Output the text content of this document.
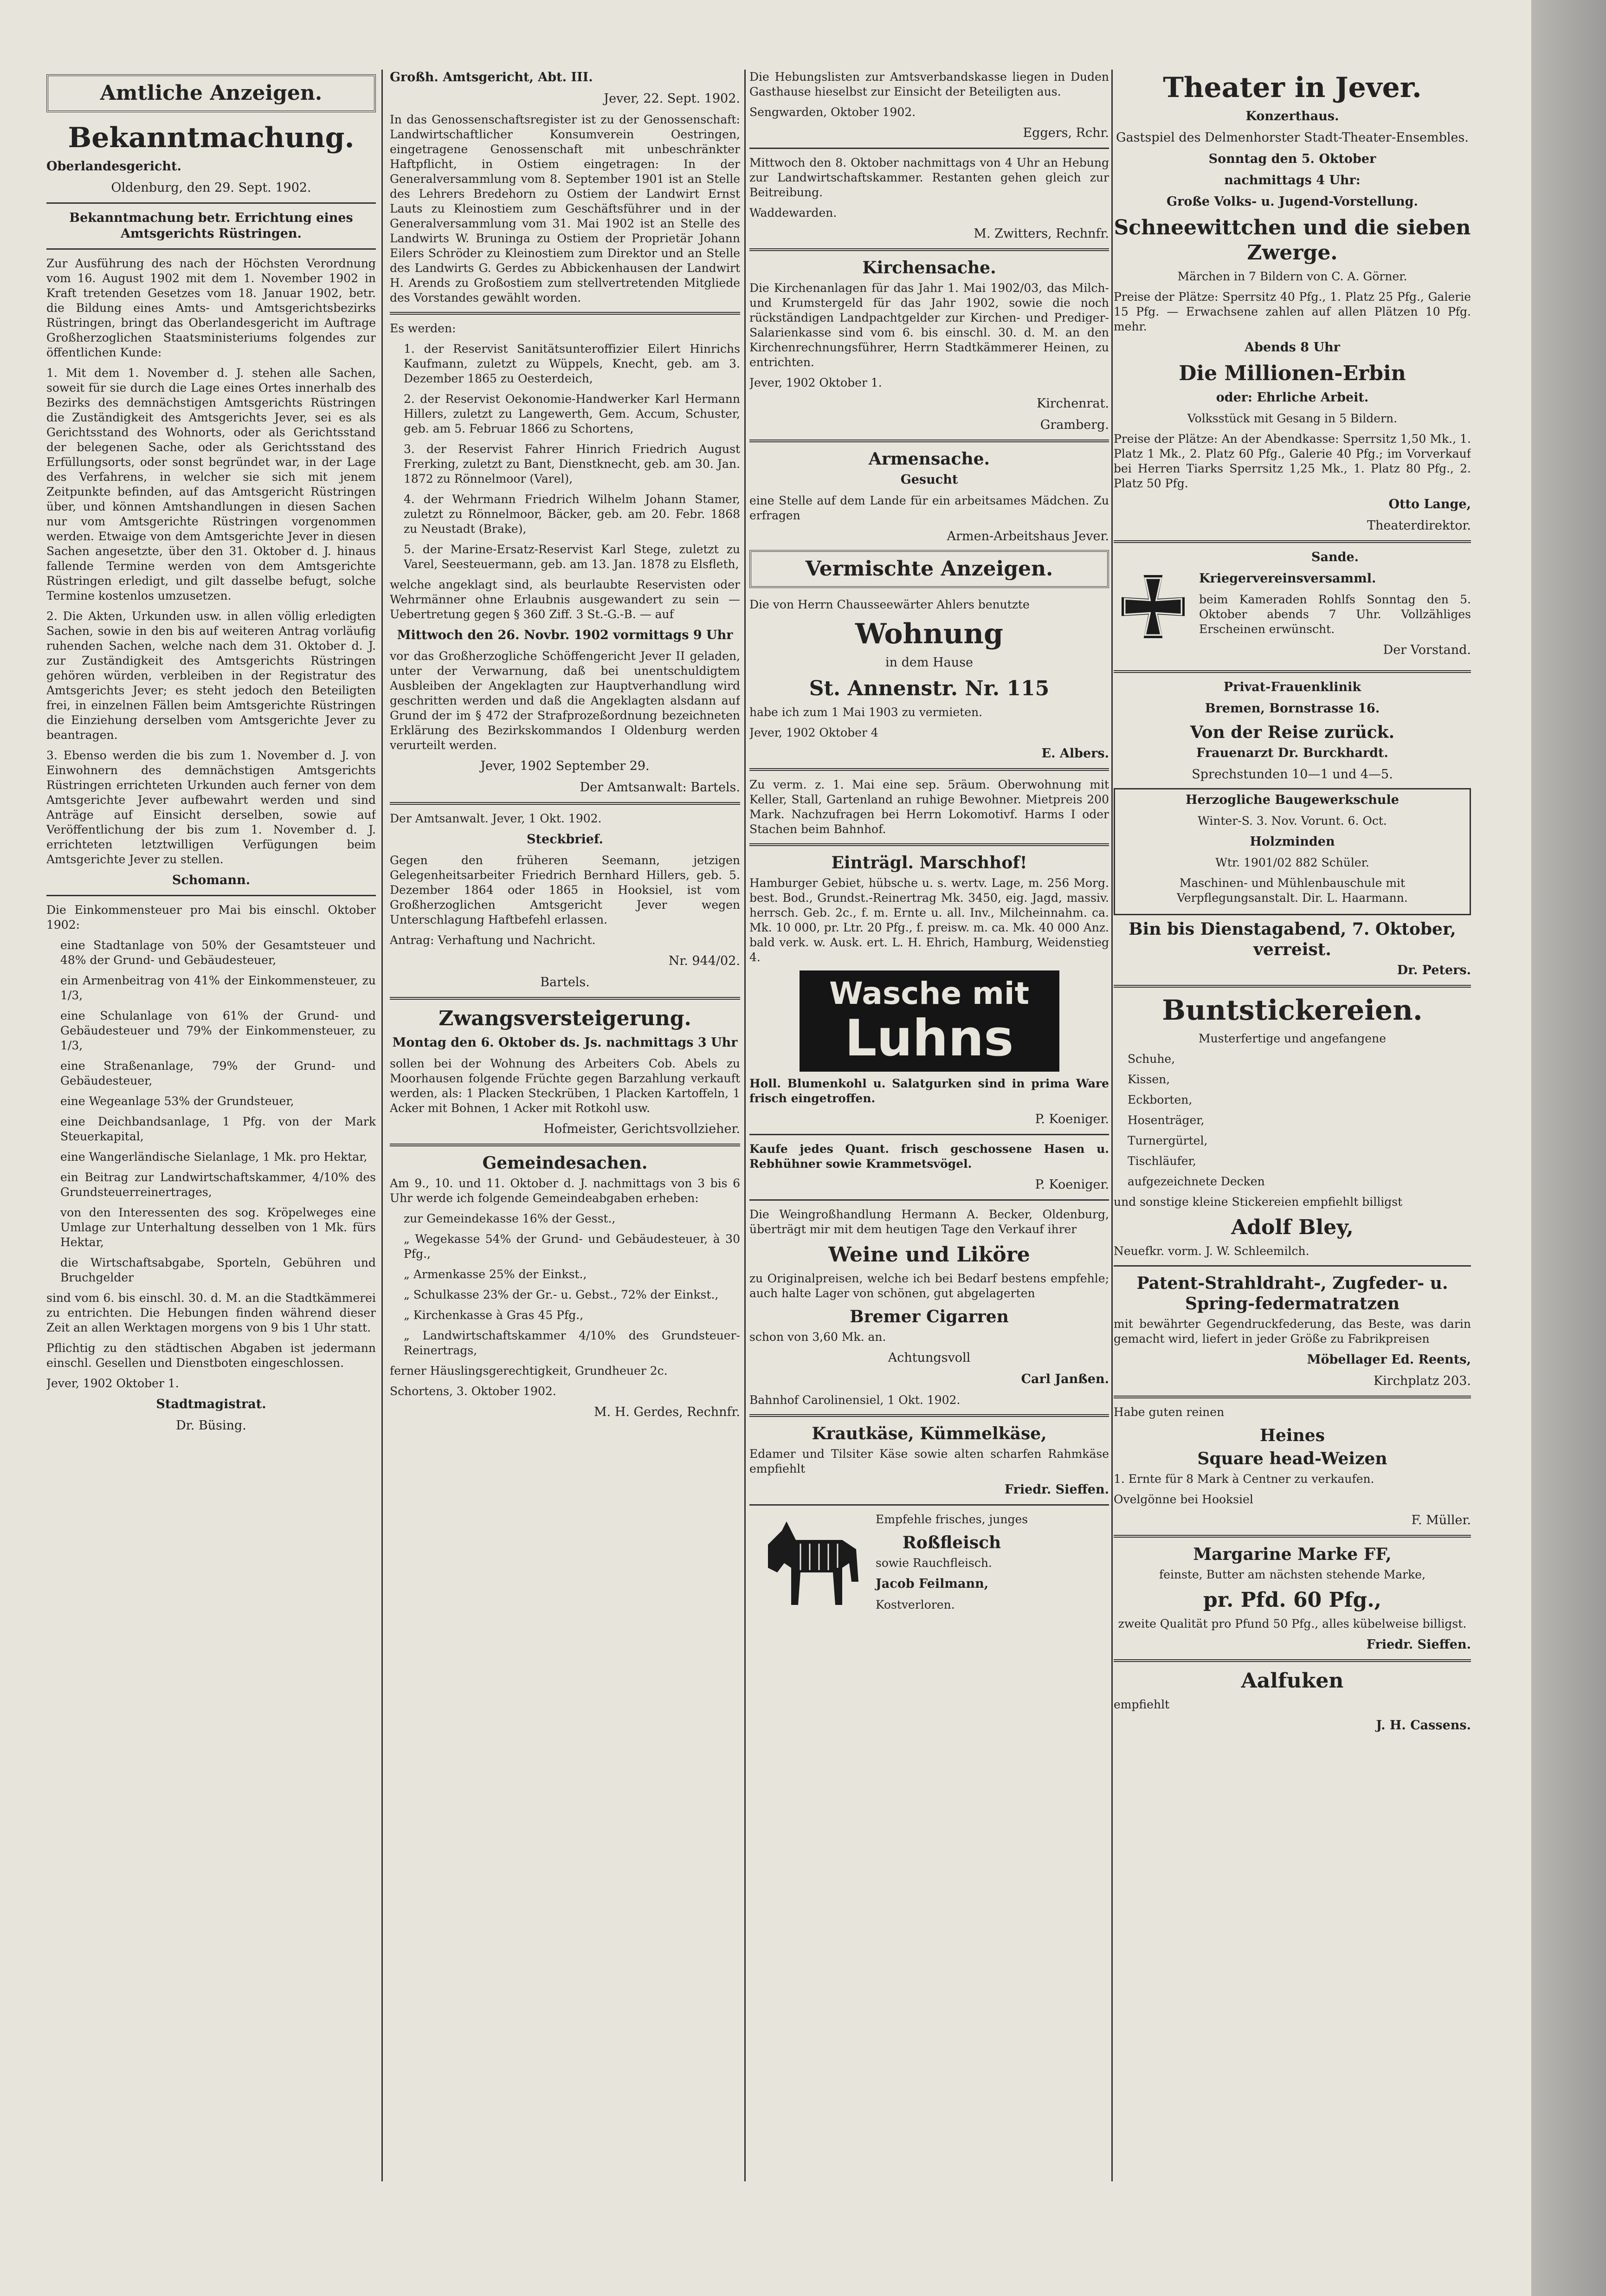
Amtliche Anzeigen.
Bekanntmachung.

Oberlandesgericht.

Oldenburg, den 29. Sept. 1902.

Bekanntmachung betr. Errichtung eines Amtsgerichts Rüstringen.

Zur Ausführung des nach der Höchsten Verordnung vom 16. August 1902 mit dem 1. November 1902 in Kraft tretenden Gesetzes vom 18. Januar 1902, betr. die Bildung eines Amts- und Amtsgerichtsbezirks Rüstringen, bringt das Oberlandesgericht im Auftrage Großherzoglichen Staatsministeriums folgendes zur öffentlichen Kunde:

1. Mit dem 1. November d. J. stehen alle Sachen, soweit für sie durch die Lage eines Ortes innerhalb des Bezirks des demnächstigen Amtsgerichts Rüstringen die Zuständigkeit des Amtsgerichts Jever, sei es als Gerichtsstand des Wohnorts, oder als Gerichtsstand der belegenen Sache, oder als Gerichtsstand des Erfüllungsorts, oder sonst begründet war, in der Lage des Verfahrens, in welcher sie sich mit jenem Zeitpunkte befinden, auf das Amtsgericht Rüstringen über, und können Amtshandlungen in diesen Sachen nur vom Amtsgerichte Rüstringen vorgenommen werden. Etwaige von dem Amtsgerichte Jever in diesen Sachen angesetzte, über den 31. Oktober d. J. hinaus fallende Termine werden von dem Amtsgerichte Rüstringen erledigt, und gilt dasselbe befugt, solche Termine kostenlos umzusetzen.

2. Die Akten, Urkunden usw. in allen völlig erledigten Sachen, sowie in den bis auf weiteren Antrag vorläufig ruhenden Sachen, welche nach dem 31. Oktober d. J. zur Zuständigkeit des Amtsgerichts Rüstringen gehören würden, verbleiben in der Registratur des Amtsgerichts Jever; es steht jedoch den Beteiligten frei, in einzelnen Fällen beim Amtsgerichte Rüstringen die Einziehung derselben vom Amtsgerichte Jever zu beantragen.

3. Ebenso werden die bis zum 1. November d. J. von Einwohnern des demnächstigen Amtsgerichts Rüstringen errichteten Urkunden auch ferner von dem Amtsgerichte Jever aufbewahrt werden und sind Anträge auf Einsicht derselben, sowie auf Veröffentlichung der bis zum 1. November d. J. errichteten letztwilligen Verfügungen beim Amtsgerichte Jever zu stellen.

Schomann.

Die Einkommensteuer pro Mai bis einschl. Oktober 1902:

eine Stadtanlage von 50% der Gesamtsteuer und 48% der Grund- und Gebäudesteuer,

ein Armenbeitrag von 41% der Einkommensteuer, zu 1/3,

eine Schulanlage von 61% der Grund- und Gebäudesteuer und 79% der Einkommensteuer, zu 1/3,

eine Straßenanlage, 79% der Grund- und Gebäudesteuer,

eine Wegeanlage 53% der Grundsteuer,

eine Deichbandsanlage, 1 Pfg. von der Mark Steuerkapital,

eine Wangerländische Sielanlage, 1 Mk. pro Hektar,

ein Beitrag zur Landwirtschaftskammer, 4/10% des Grundsteuerreinertrages,

von den Interessenten des sog. Kröpelweges eine Umlage zur Unterhaltung desselben von 1 Mk. fürs Hektar,

die Wirtschaftsabgabe, Sporteln, Gebühren und Bruchgelder

sind vom 6. bis einschl. 30. d. M. an die Stadtkämmerei zu entrichten. Die Hebungen finden während dieser Zeit an allen Werktagen morgens von 9 bis 1 Uhr statt.

Pflichtig zu den städtischen Abgaben ist jedermann einschl. Gesellen und Dienstboten eingeschlossen.

Jever, 1902 Oktober 1.

Stadtmagistrat.

Dr. Büsing.

Großh. Amtsgericht, Abt. III.

Jever, 22. Sept. 1902.

In das Genossenschaftsregister ist zu der Genossenschaft: Landwirtschaftlicher Konsumverein Oestringen, eingetragene Genossenschaft mit unbeschränkter Haftpflicht, in Ostiem eingetragen: In der Generalversammlung vom 8. September 1901 ist an Stelle des Lehrers Bredehorn zu Ostiem der Landwirt Ernst Lauts zu Kleinostiem zum Geschäftsführer und in der Generalversammlung vom 31. Mai 1902 ist an Stelle des Landwirts W. Bruninga zu Ostiem der Proprietär Johann Eilers Schröder zu Kleinostiem zum Direktor und an Stelle des Landwirts G. Gerdes zu Abbickenhausen der Landwirt H. Arends zu Großostiem zum stellvertretenden Mitgliede des Vorstandes gewählt worden.

Es werden:

1. der Reservist Sanitätsunteroffizier Eilert Hinrichs Kaufmann, zuletzt zu Wüppels, Knecht, geb. am 3. Dezember 1865 zu Oesterdeich,

2. der Reservist Oekonomie-Handwerker Karl Hermann Hillers, zuletzt zu Langewerth, Gem. Accum, Schuster, geb. am 5. Februar 1866 zu Schortens,

3. der Reservist Fahrer Hinrich Friedrich August Frerking, zuletzt zu Bant, Dienstknecht, geb. am 30. Jan. 1872 zu Rönnelmoor (Varel),

4. der Wehrmann Friedrich Wilhelm Johann Stamer, zuletzt zu Rönnelmoor, Bäcker, geb. am 20. Febr. 1868 zu Neustadt (Brake),

5. der Marine-Ersatz-Reservist Karl Stege, zuletzt zu Varel, Seesteuermann, geb. am 13. Jan. 1878 zu Elsfleth,

welche angeklagt sind, als beurlaubte Reservisten oder Wehrmänner ohne Erlaubnis ausgewandert zu sein — Uebertretung gegen § 360 Ziff. 3 St.-G.-B. — auf

Mittwoch den 26. Novbr. 1902 vormittags 9 Uhr

vor das Großherzogliche Schöffengericht Jever II geladen, unter der Verwarnung, daß bei unentschuldigtem Ausbleiben der Angeklagten zur Hauptverhandlung wird geschritten werden und daß die Angeklagten alsdann auf Grund der im § 472 der Strafprozeßordnung bezeichneten Erklärung des Bezirkskommandos I Oldenburg werden verurteilt werden.

Jever, 1902 September 29.

Der Amtsanwalt: Bartels.

Der Amtsanwalt. Jever, 1 Okt. 1902.

Steckbrief.

Gegen den früheren Seemann, jetzigen Gelegenheitsarbeiter Friedrich Bernhard Hillers, geb. 5. Dezember 1864 oder 1865 in Hooksiel, ist vom Großherzoglichen Amtsgericht Jever wegen Unterschlagung Haftbefehl erlassen.

Antrag: Verhaftung und Nachricht.

Nr. 944/02.

Bartels.

Zwangsversteigerung.

Montag den 6. Oktober ds. Js. nachmittags 3 Uhr

sollen bei der Wohnung des Arbeiters Cob. Abels zu Moorhausen folgende Früchte gegen Barzahlung verkauft werden, als: 1 Placken Steckrüben, 1 Placken Kartoffeln, 1 Acker mit Bohnen, 1 Acker mit Rotkohl usw.

Hofmeister, Gerichtsvollzieher.

Gemeindesachen.

Am 9., 10. und 11. Oktober d. J. nachmittags von 3 bis 6 Uhr werde ich folgende Gemeindeabgaben erheben:

zur Gemeindekasse 16% der Gesst.,

„ Wegekasse 54% der Grund- und Gebäudesteuer, à 30 Pfg.,

„ Armenkasse 25% der Einkst.,

„ Schulkasse 23% der Gr.- u. Gebst., 72% der Einkst.,

„ Kirchenkasse à Gras 45 Pfg.,

„ Landwirtschaftskammer 4/10% des Grundsteuer-Reinertrags,

ferner Häuslingsgerechtigkeit, Grundheuer 2c.

Schortens, 3. Oktober 1902.

M. H. Gerdes, Rechnfr.

Die Hebungslisten zur Amtsverbandskasse liegen in Duden Gasthause hieselbst zur Einsicht der Beteiligten aus.

Sengwarden, Oktober 1902.

Eggers, Rchr.

Mittwoch den 8. Oktober nachmittags von 4 Uhr an Hebung zur Landwirtschaftskammer. Restanten gehen gleich zur Beitreibung.

Waddewarden.

M. Zwitters, Rechnfr.

Kirchensache.

Die Kirchenanlagen für das Jahr 1. Mai 1902/03, das Milch- und Krumstergeld für das Jahr 1902, sowie die noch rückständigen Landpachtgelder zur Kirchen- und Prediger-Salarienkasse sind vom 6. bis einschl. 30. d. M. an den Kirchenrechnungsführer, Herrn Stadtkämmerer Heinen, zu entrichten.

Jever, 1902 Oktober 1.

Kirchenrat.

Gramberg.

Armensache.

Gesucht

eine Stelle auf dem Lande für ein arbeitsames Mädchen. Zu erfragen

Armen-Arbeitshaus Jever.

Vermischte Anzeigen.

Die von Herrn Chausseewärter Ahlers benutzte

Wohnung

in dem Hause

St. Annenstr. Nr. 115

habe ich zum 1 Mai 1903 zu vermieten.

Jever, 1902 Oktober 4

E. Albers.

Zu verm. z. 1. Mai eine sep. 5räum. Oberwohnung mit Keller, Stall, Gartenland an ruhige Bewohner. Mietpreis 200 Mark. Nachzufragen bei Herrn Lokomotivf. Harms I oder Stachen beim Bahnhof.

Einträgl. Marschhof!

Hamburger Gebiet, hübsche u. s. wertv. Lage, m. 256 Morg. best. Bod., Grundst.-Reinertrag Mk. 3450, eig. Jagd, massiv. herrsch. Geb. 2c., f. m. Ernte u. all. Inv., Milcheinnahm. ca. Mk. 10 000, pr. Ltr. 20 Pfg., f. preisw. m. ca. Mk. 40 000 Anz. bald verk. w. Ausk. ert. L. H. Ehrich, Hamburg, Weidenstieg 4.

Wasche mit
Luhns

Holl. Blumenkohl u. Salatgurken sind in prima Ware frisch eingetroffen.

P. Koeniger.

Kaufe jedes Quant. frisch geschossene Hasen u. Rebhühner sowie Krammetsvögel.

P. Koeniger.

Die Weingroßhandlung Hermann A. Becker, Oldenburg, überträgt mir mit dem heutigen Tage den Verkauf ihrer

Weine und Liköre

zu Originalpreisen, welche ich bei Bedarf bestens empfehle; auch halte Lager von schönen, gut abgelagerten

Bremer Cigarren

schon von 3,60 Mk. an.

Achtungsvoll

Carl Janßen.

Bahnhof Carolinensiel, 1 Okt. 1902.

Krautkäse, Kümmelkäse,

Edamer und Tilsiter Käse sowie alten scharfen Rahmkäse empfiehlt

Friedr. Sieffen.

Empfehle frisches, junges

Roßfleisch

sowie Rauchfleisch.

Jacob Feilmann,

Kostverloren.

Theater in Jever.

Konzerthaus.

Gastspiel des Delmenhorster Stadt-Theater-Ensembles.

Sonntag den 5. Oktober

nachmittags 4 Uhr:

Große Volks- u. Jugend-Vorstellung.

Schneewittchen und die sieben Zwerge.

Märchen in 7 Bildern von C. A. Görner.

Preise der Plätze: Sperrsitz 40 Pfg., 1. Platz 25 Pfg., Galerie 15 Pfg. — Erwachsene zahlen auf allen Plätzen 10 Pfg. mehr.

Abends 8 Uhr

Die Millionen-Erbin

oder: Ehrliche Arbeit.

Volksstück mit Gesang in 5 Bildern.

Preise der Plätze: An der Abendkasse: Sperrsitz 1,50 Mk., 1. Platz 1 Mk., 2. Platz 60 Pfg., Galerie 40 Pfg.; im Vorverkauf bei Herren Tiarks Sperrsitz 1,25 Mk., 1. Platz 80 Pfg., 2. Platz 50 Pfg.

Otto Lange,

Theaterdirektor.

Sande.

Kriegervereinsversamml.

beim Kameraden Rohlfs Sonntag den 5. Oktober abends 7 Uhr. Vollzähliges Erscheinen erwünscht.

Der Vorstand.

Privat-Frauenklinik

Bremen, Bornstrasse 16.

Von der Reise zurück.

Frauenarzt Dr. Burckhardt.

Sprechstunden 10—1 und 4—5.

Herzogliche Baugewerkschule

Winter-S. 3. Nov. Vorunt. 6. Oct.

Holzminden

Wtr. 1901/02 882 Schüler.

Maschinen- und Mühlenbauschule mit Verpflegungsanstalt. Dir. L. Haarmann.

Bin bis Dienstagabend, 7. Oktober, verreist.

Dr. Peters.

Buntstickereien.

Musterfertige und angefangene

Schuhe,

Kissen,

Eckborten,

Hosenträger,

Turnergürtel,

Tischläufer,

aufgezeichnete Decken

und sonstige kleine Stickereien empfiehlt billigst

Adolf Bley,

Neuefkr. vorm. J. W. Schleemilch.

Patent-Strahldraht-, Zugfeder- u. Spring-federmatratzen

mit bewährter Gegendruckfederung, das Beste, was darin gemacht wird, liefert in jeder Größe zu Fabrikpreisen

Möbellager Ed. Reents,

Kirchplatz 203.

Habe guten reinen

Heines
Square head-Weizen

1. Ernte für 8 Mark à Centner zu verkaufen.

Ovelgönne bei Hooksiel

F. Müller.

Margarine Marke FF,

feinste, Butter am nächsten stehende Marke,

pr. Pfd. 60 Pfg.,

zweite Qualität pro Pfund 50 Pfg., alles kübelweise billigst.

Friedr. Sieffen.

Aalfuken

empfiehlt

J. H. Cassens.
